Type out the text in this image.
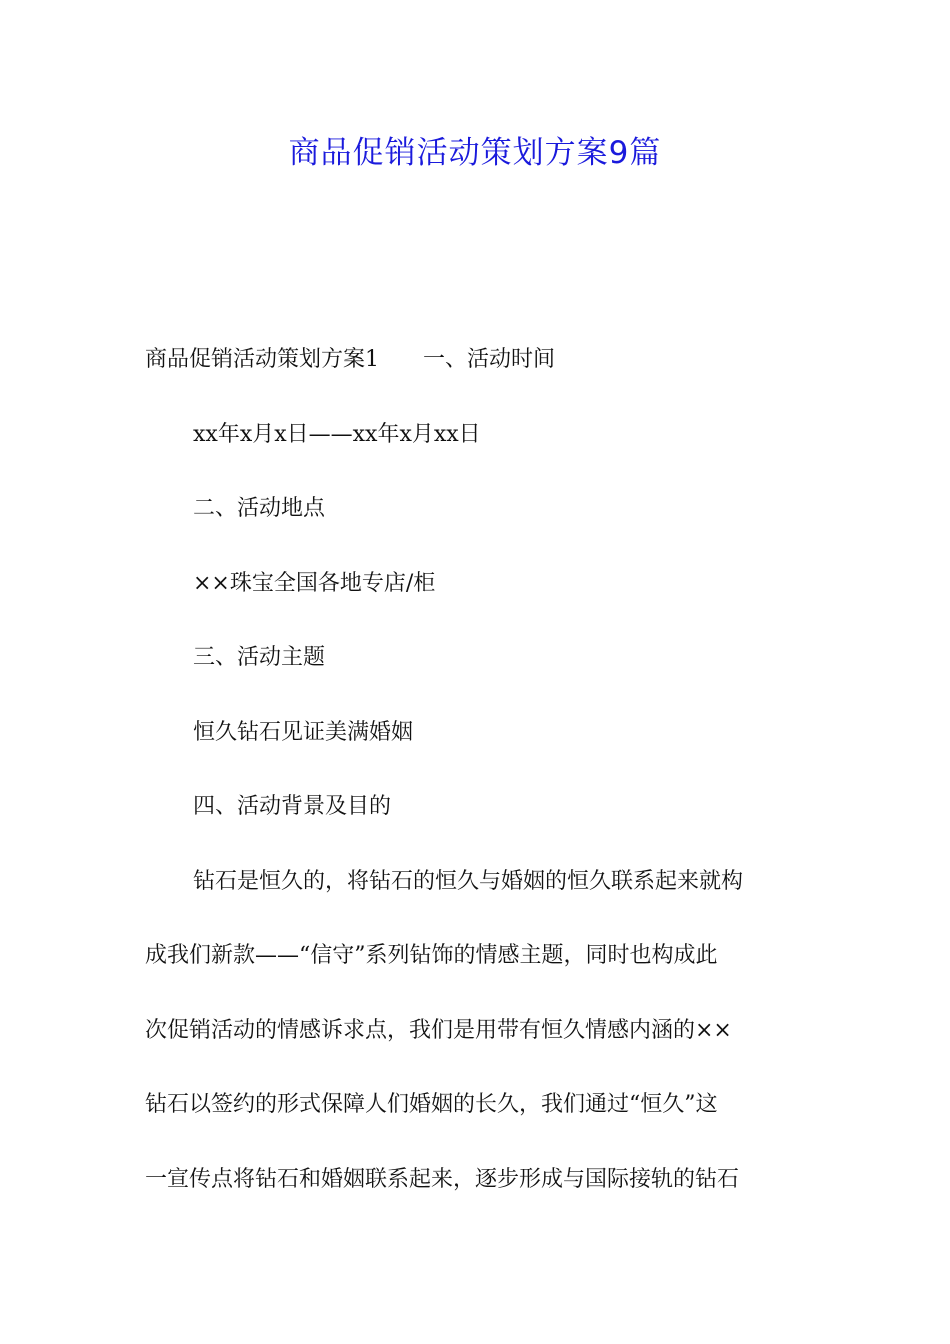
商品促销活动策划方案9篇
商品促销活动策划方案1 一、活动时间
xx年x月x日——xx年x月xx日
二、活动地点
××珠宝全国各地专店/柜
三、活动主题
恒久钻石见证美满婚姻
四、活动背景及目的
钻石是恒久的，将钻石的恒久与婚姻的恒久联系起来就构
成我们新款——“信守”系列钻饰的情感主题，同时也构成此
次促销活动的情感诉求点，我们是用带有恒久情感内涵的××
钻石以签约的形式保障人们婚姻的长久，我们通过“恒久”这
一宣传点将钻石和婚姻联系起来，逐步形成与国际接轨的钻石
